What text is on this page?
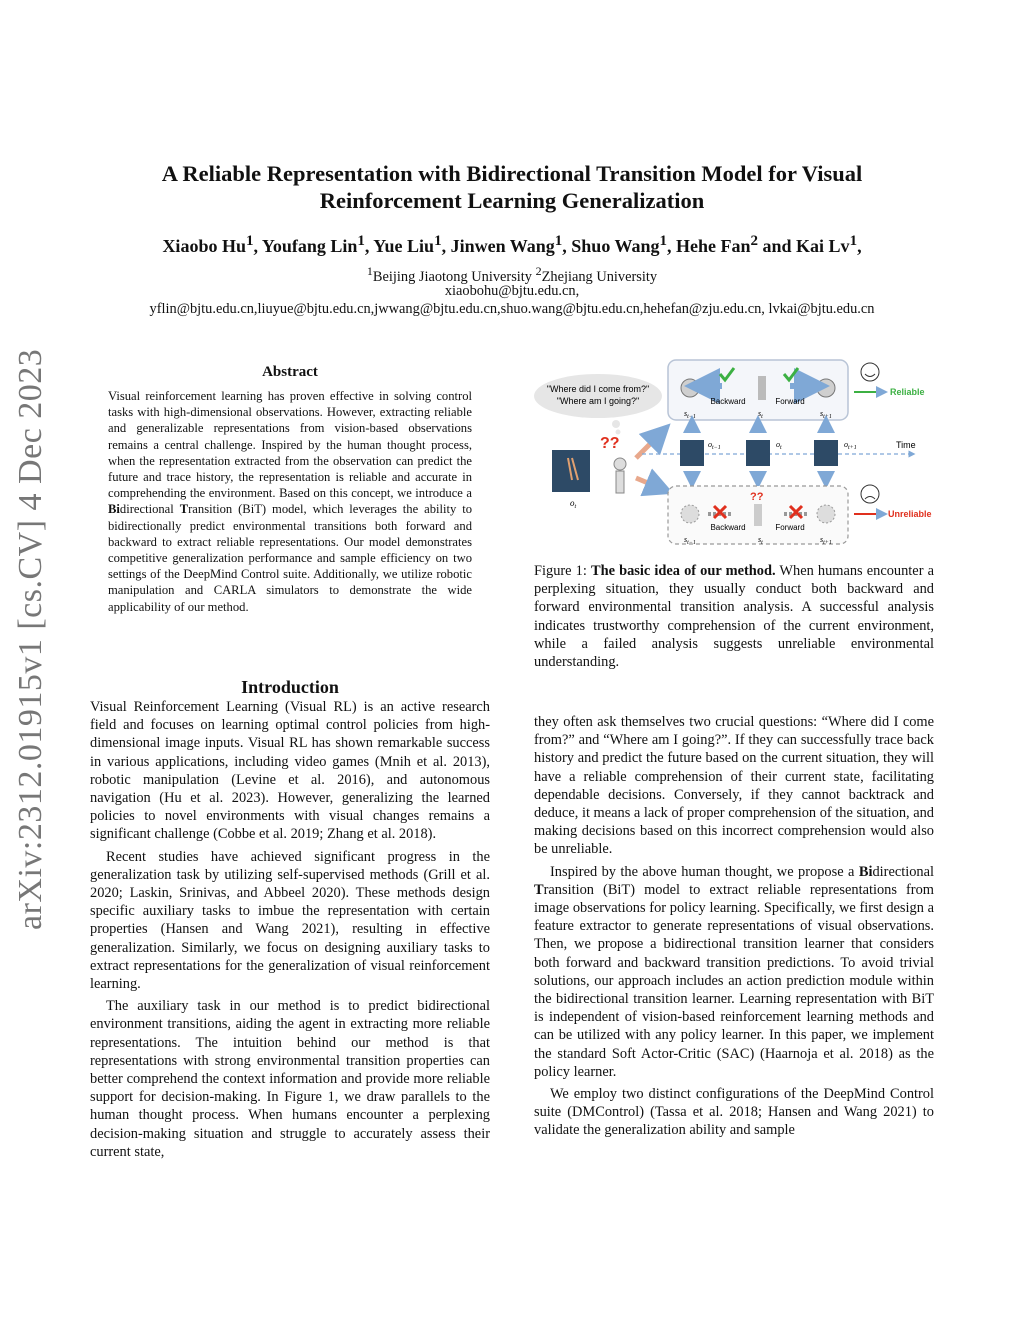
A Reliable Representation with Bidirectional Transition Model for Visual
Reinforcement Learning Generalization
Xiaobo Hu$^1$, Youfang Lin$^1$, Yue Liu$^1$, Jinwen Wang$^1$, Shuo Wang$^1$, Hehe Fan$^2$ and Kai Lv$^1$,
$^1$Beijing Jiaotong University $^2$Zhejiang University
xiaobohu@bjtu.edu.cn,
yflin@bjtu.edu.cn,liuyue@bjtu.edu.cn,jwwang@bjtu.edu.cn,shuo.wang@bjtu.edu.cn,hehefan@zju.edu.cn, lvkai@bjtu.edu.cn
arXiv:2312.01915v1 [cs.CV] 4 Dec 2023	Abstract
Visual reinforcement learning has proven effective in solving control tasks with high-dimensional observations. However, extracting reliable and generalizable representations from vision-based observations remains a central challenge. Inspired by the human thought process, when the representation extracted from the observation can predict the future and trace history, the representation is reliable and accurate in comprehending the environment. Based on this concept, we introduce a Bidirectional Transition (BiT) model, which leverages the ability to bidirectionally predict environmental transitions both forward and backward to extract reliable representations. Our model demonstrates competitive generalization performance and sample efficiency on two settings of the DeepMind Control suite. Additionally, we utilize robotic manipulation and CARLA simulators to demonstrate the wide applicability of our method.
Introduction

Visual Reinforcement Learning (Visual RL) is an active research field and focuses on learning optimal control policies from high-dimensional image inputs. Visual RL has shown remarkable success in various applications, including video games (Mnih et al. 2013), robotic manipulation (Levine et al. 2016), and autonomous navigation (Hu et al. 2023). However, generalizing the learned policies to novel environments with visual changes remains a significant challenge (Cobbe et al. 2019; Zhang et al. 2018).

Recent studies have achieved significant progress in the generalization task by utilizing self-supervised methods (Grill et al. 2020; Laskin, Srinivas, and Abbeel 2020). These methods design specific auxiliary tasks to imbue the representation with certain properties (Hansen and Wang 2021), resulting in effective generalization. Similarly, we focus on designing auxiliary tasks to extract representations for the generalization of visual reinforcement learning.

The auxiliary task in our method is to predict bidirectional environment transitions, aiding the agent in extracting more reliable representations. The intuition behind our method is that representations with strong environmental transition properties can better comprehend the context information and provide more reliable support for decision-making. In Figure 1, we draw parallels to the human thought process. When humans encounter a perplexing decision-making situation and struggle to accurately assess their current state,

"Where did I come from?"
"Where am I going?"	Backward	Forward
$s_{t-1}$	$s_t$	$s_{t+1}$
Reliable
$o_t$
??	Time
$o_{t-1}$	$o_t$	$o_{t+1}$
??
Backward	Forward
$s_{t-1}$	$s_t$	$s_{t+1}$
Unreliable
Figure 1: The basic idea of our method. When humans encounter a perplexing situation, they usually conduct both backward and forward environmental transition analysis. A successful analysis indicates trustworthy comprehension of the current environment, while a failed analysis suggests unreliable environmental understanding.

they often ask themselves two crucial questions: “Where did I come from?” and “Where am I going?”. If they can successfully trace back history and predict the future based on the current situation, they will have a reliable comprehension of their current state, facilitating dependable decisions. Conversely, if they cannot backtrack and deduce, it means a lack of proper comprehension of the situation, and making decisions based on this incorrect comprehension would also be unreliable.

Inspired by the above human thought, we propose a Bidirectional Transition (BiT) model to extract reliable representations from image observations for policy learning. Specifically, we first design a feature extractor to generate representations of visual observations. Then, we propose a bidirectional transition learner that considers both forward and backward transition predictions. To avoid trivial solutions, our approach includes an action prediction module within the bidirectional transition learner. Learning representation with BiT is independent of vision-based reinforcement learning methods and can be utilized with any policy learner. In this paper, we implement the standard Soft Actor-Critic (SAC) (Haarnoja et al. 2018) as the policy learner.

We employ two distinct configurations of the DeepMind Control suite (DMControl) (Tassa et al. 2018; Hansen and Wang 2021) to validate the generalization ability and sample
